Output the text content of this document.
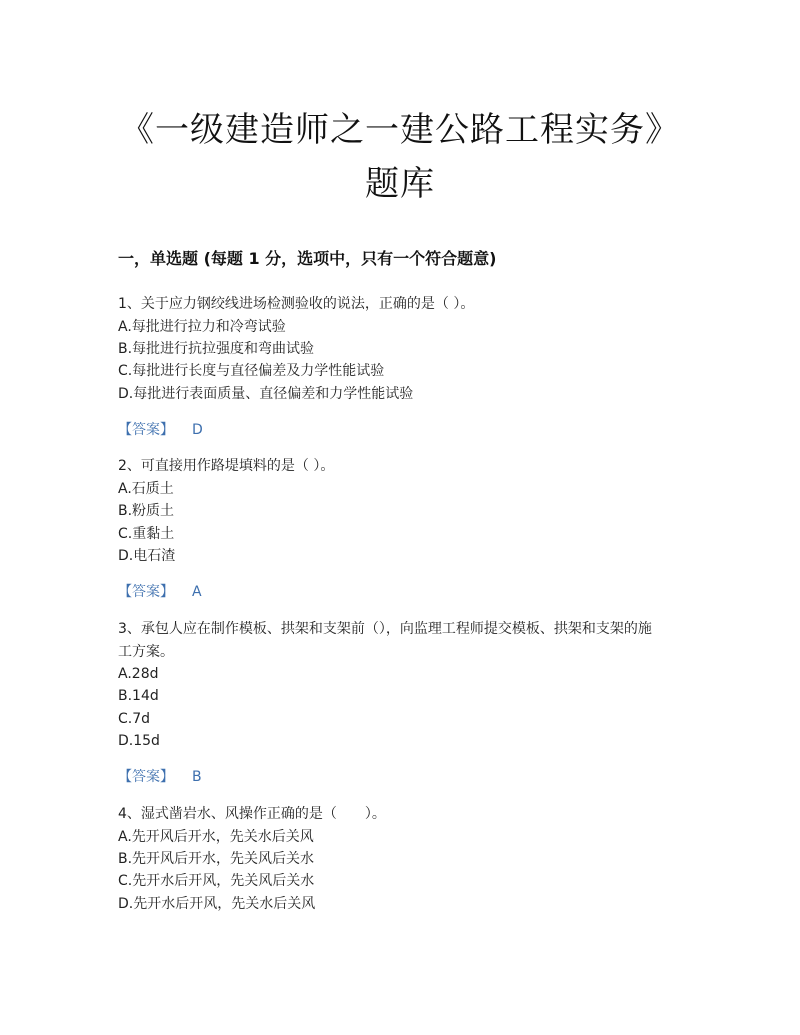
《一级建造师之一建公路工程实务》
题库
一，单选题 (每题 1 分，选项中，只有一个符合题意)
1、关于应力钢绞线进场检测验收的说法，正确的是（ ）。
A.每批进行拉力和冷弯试验
B.每批进行抗拉强度和弯曲试验
C.每批进行长度与直径偏差及力学性能试验
D.每批进行表面质量、直径偏差和力学性能试验
【答案】 D
2、可直接用作路堤填料的是（ ）。
A.石质土
B.粉质土
C.重黏土
D.电石渣
【答案】 A
3、承包人应在制作模板、拱架和支架前（），向监理工程师提交模板、拱架和支架的施
工方案。
A.28d
B.14d
C.7d
D.15d
【答案】 B
4、湿式凿岩水、风操作正确的是（　　）。
A.先开风后开水，先关水后关风
B.先开风后开水，先关风后关水
C.先开水后开风，先关风后关水
D.先开水后开风，先关水后关风
